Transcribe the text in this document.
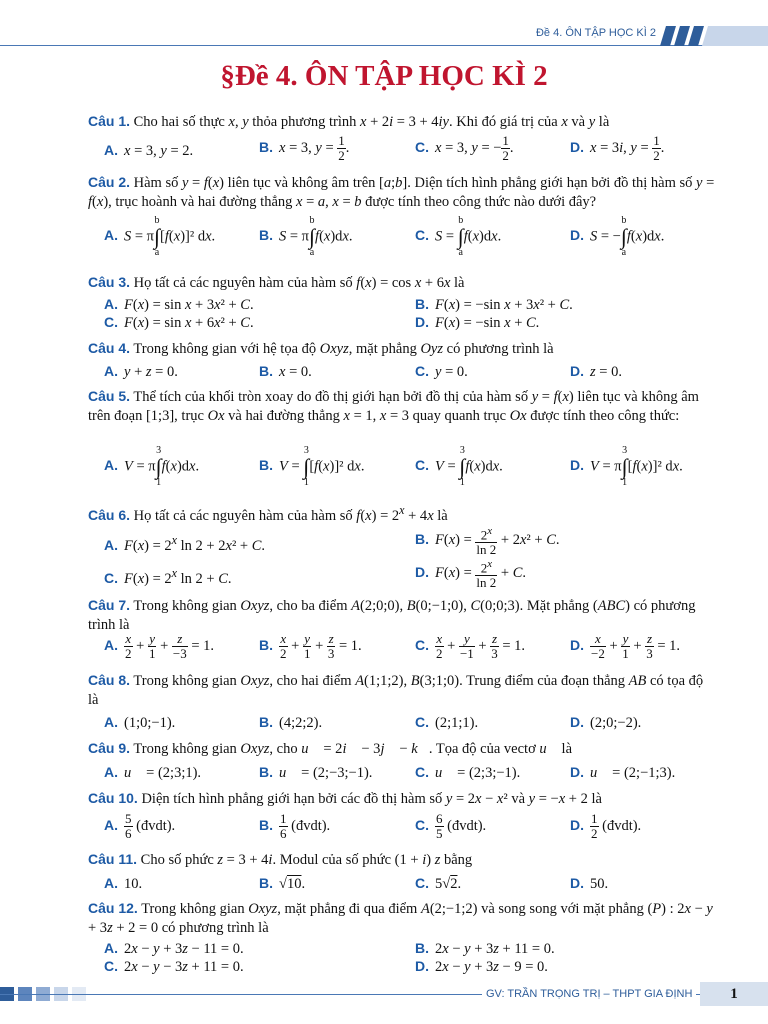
Đề 4. ÔN TẬP HỌC KÌ 2
§Đề 4. ÔN TẬP HỌC KÌ 2
Câu 1. Cho hai số thực x, y thỏa phương trình x + 2i = 3 + 4iy. Khi đó giá trị của x và y là
A. x = 3, y = 2.	B. x = 3, $y = \frac{1}{2}$ .	C. x = 3, y = − $\frac{1}{2}$ .	D. x = 3i, $y = \frac{1}{2}$ .
Câu 2. Hàm số y = f(x) liên tục và không âm trên [a;b]. Diện tích hình phẳng giới hạn bởi đồ thị hàm số y = f(x), trục hoành và hai đường thẳng x = a, x = b được tính theo công thức nào dưới đây?
A. S = πb
∫
a[f(x)]² dx.	B. S = πb
∫
af(x)dx.	C. S = b
∫
af(x)dx.	D. S = −b
∫
af(x)dx.
Câu 3. Họ tất cả các nguyên hàm của hàm số f(x) = cos x + 6x là
A. F(x) = sin x + 3x² + C.	B. F(x) = −sin x + 3x² + C.
C. F(x) = sin x + 6x² + C.	D. F(x) = −sin x + C.
Câu 4. Trong không gian với hệ tọa độ Oxyz, mặt phẳng Oyz có phương trình là
A. y + z = 0.	B. x = 0.	C. y = 0.	D. z = 0.
Câu 5. Thể tích của khối tròn xoay do đồ thị giới hạn bởi đồ thị của hàm số y = f(x) liên tục và không âm trên đoạn [1;3], trục Ox và hai đường thẳng x = 1, x = 3 quay quanh trục Ox được tính theo công thức:
A. V = π3
∫
1f(x)dx.	B. V = 3
∫
1[f(x)]² dx.	C. V = 3
∫
1f(x)dx.	D. V = π3
∫
1[f(x)]² dx.
Câu 6. Họ tất cả các nguyên hàm của hàm số $f(x) = 2^x + 4x$ là
A. $F(x) = 2^x$ ln 2 + 2x² + C.	B. $F(x) = \frac{2^x}{\ln 2} + 2x^2 + C$.
C. $F(x) = 2^x$ ln 2 + C.	D. $F(x) = \frac{2^x}{\ln 2} + C$.
Câu 7. Trong không gian Oxyz, cho ba điểm A(2;0;0), B(0;−1;0), C(0;0;3). Mặt phẳng (ABC) có phương trình là
A. $\frac{x}{2} + \frac{y}{1} + \frac{z}{-3} = 1$.	B. $\frac{x}{2} + \frac{y}{1} + \frac{z}{3} = 1$.	C. $\frac{x}{2} + \frac{y}{-1} + \frac{z}{3} = 1$.	D. $\frac{x}{-2} + \frac{y}{1} + \frac{z}{3} = 1$.
Câu 8. Trong không gian Oxyz, cho hai điểm A(1;1;2), B(3;1;0). Trung điểm của đoạn thẳng AB có tọa độ là
A. (1;0;−1).	B. (4;2;2).	C. (2;1;1).	D. (2;0;−2).
Câu 9. Trong không gian Oxyz, cho u⃗ = 2i⃗ − 3j⃗ − k⃗. Tọa độ của vectơ u⃗ là
A. u⃗ = (2;3;1).	B. u⃗ = (2;−3;−1).	C. u⃗ = (2;3;−1).	D. u⃗ = (2;−1;3).
Câu 10. Diện tích hình phẳng giới hạn bởi các đồ thị hàm số y = 2x − x² và y = −x + 2 là
A. $\frac{5}{6}$ (đvdt).	B. $\frac{1}{6}$ (đvdt).	C. $\frac{6}{5}$ (đvdt).	D. $\frac{1}{2}$ (đvdt).
Câu 11. Cho số phức z = 3 + 4i. Modul của số phức (1 + i) z bằng
A. 10.	B. √10.	C. 5√2.	D. 50.
Câu 12. Trong không gian Oxyz, mặt phẳng đi qua điểm A(2;−1;2) và song song với mặt phẳng (P) : 2x − y + 3z + 2 = 0 có phương trình là
A. 2x − y + 3z − 11 = 0.	B. 2x − y + 3z + 11 = 0.
C. 2x − y − 3z + 11 = 0.	D. 2x − y + 3z − 9 = 0.
GV: TRẦN TRỌNG TRỊ – THPT GIA ĐỊNH	1
